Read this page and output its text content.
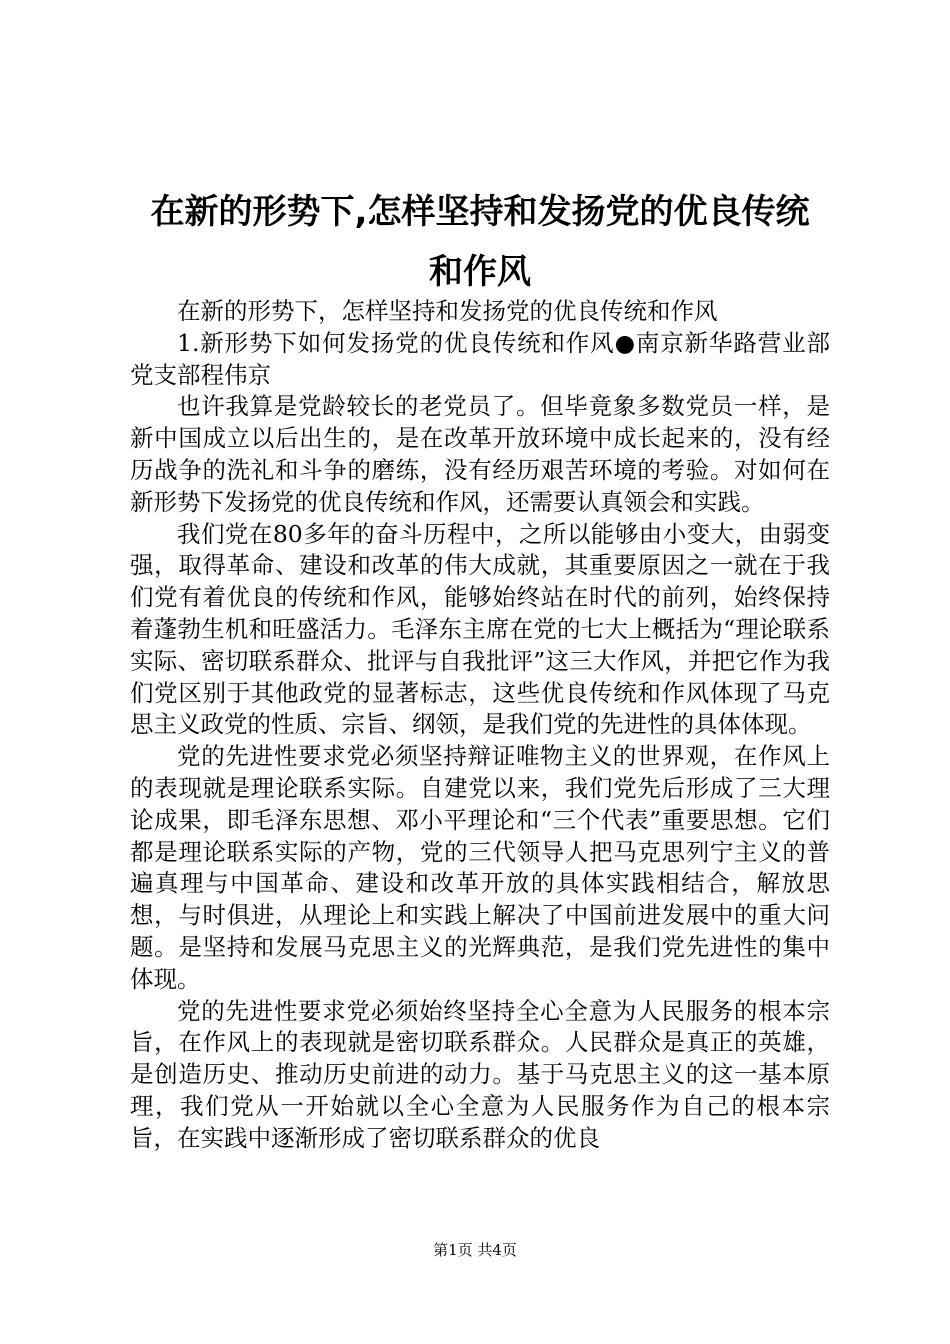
在新的形势下,怎样坚持和发扬党的优良传统
和作风

在新的形势下，怎样坚持和发扬党的优良传统和作风

1.新形势下如何发扬党的优良传统和作风●南京新华路营业部党支部程伟京

也许我算是党龄较长的老党员了。但毕竟象多数党员一样，是新中国成立以后出生的，是在改革开放环境中成长起来的，没有经历战争的洗礼和斗争的磨练，没有经历艰苦环境的考验。对如何在新形势下发扬党的优良传统和作风，还需要认真领会和实践。

我们党在80多年的奋斗历程中，之所以能够由小变大，由弱变强，取得革命、建设和改革的伟大成就，其重要原因之一就在于我们党有着优良的传统和作风，能够始终站在时代的前列，始终保持着蓬勃生机和旺盛活力。毛泽东主席在党的七大上概括为“理论联系实际、密切联系群众、批评与自我批评”这三大作风，并把它作为我们党区别于其他政党的显著标志，这些优良传统和作风体现了马克思主义政党的性质、宗旨、纲领，是我们党的先进性的具体体现。

党的先进性要求党必须坚持辩证唯物主义的世界观，在作风上的表现就是理论联系实际。自建党以来，我们党先后形成了三大理论成果，即毛泽东思想、邓小平理论和“三个代表”重要思想。它们都是理论联系实际的产物，党的三代领导人把马克思列宁主义的普遍真理与中国革命、建设和改革开放的具体实践相结合，解放思想，与时俱进，从理论上和实践上解决了中国前进发展中的重大问题。是坚持和发展马克思主义的光辉典范，是我们党先进性的集中体现。

党的先进性要求党必须始终坚持全心全意为人民服务的根本宗旨，在作风上的表现就是密切联系群众。人民群众是真正的英雄，是创造历史、推动历史前进的动力。基于马克思主义的这一基本原理，我们党从一开始就以全心全意为人民服务作为自己的根本宗旨，在实践中逐渐形成了密切联系群众的优良

第1页 共4页
